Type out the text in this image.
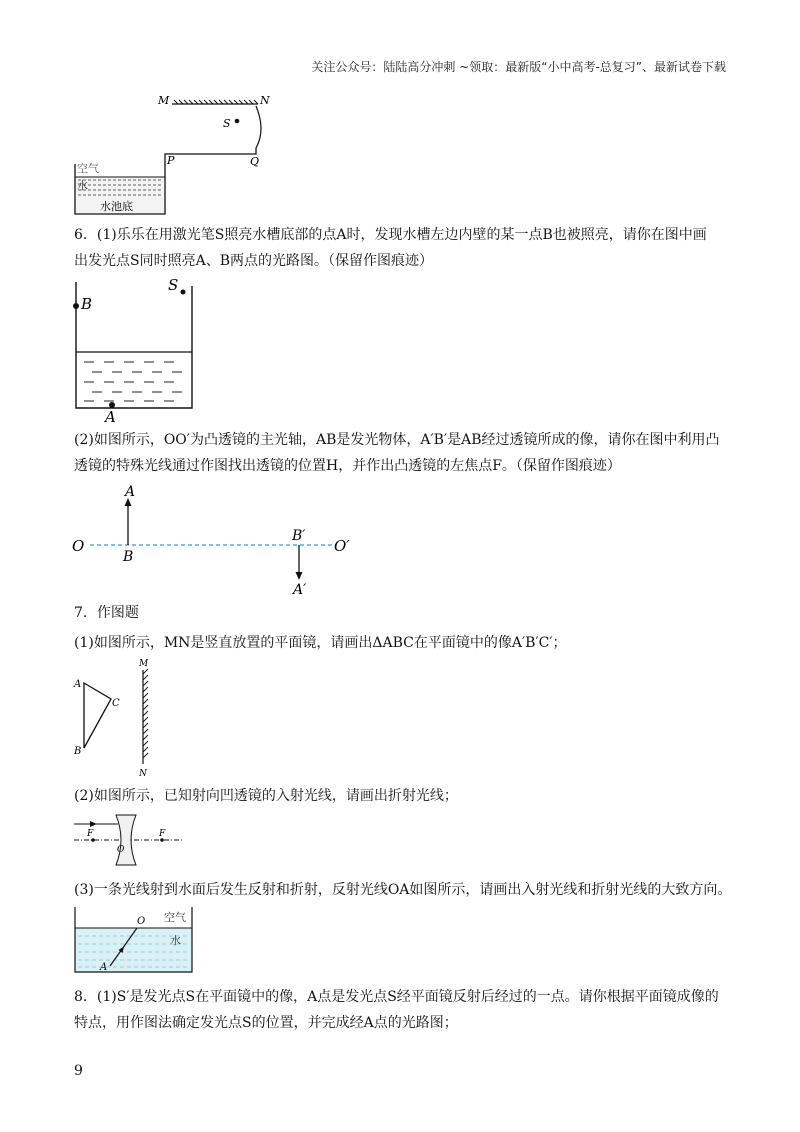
关注公众号：陆陆高分冲刺 ~领取：最新版“小中高考-总复习”、最新试卷下载
M	N
S
P	Q
空气
水
水池底
6．(1)乐乐在用激光笔S照亮水槽底部的点A时，发现水槽左边内壁的某一点B也被照亮，请你在图中画
出发光点S同时照亮A、B两点的光路图。（保留作图痕迹）
B
S
A
(2)如图所示，OO′为凸透镜的主光轴，AB是发光物体，A′B′是AB经过透镜所成的像，请你在图中利用凸
透镜的特殊光线通过作图找出透镜的位置H，并作出凸透镜的左焦点F。（保留作图痕迹）
O	O′
A
B
B′
A′
7．作图题
(1)如图所示，MN是竖直放置的平面镜，请画出ΔABC在平面镜中的像A′B′C′；
A
C
B
M
N
(2)如图所示，已知射向凹透镜的入射光线，请画出折射光线；
F	F
O
(3)一条光线射到水面后发生反射和折射，反射光线OA如图所示，请画出入射光线和折射光线的大致方向。
O
A
空气
水
8．(1)S′是发光点S在平面镜中的像，A点是发光点S经平面镜反射后经过的一点。请你根据平面镜成像的
特点，用作图法确定发光点S的位置，并完成经A点的光路图；
9
